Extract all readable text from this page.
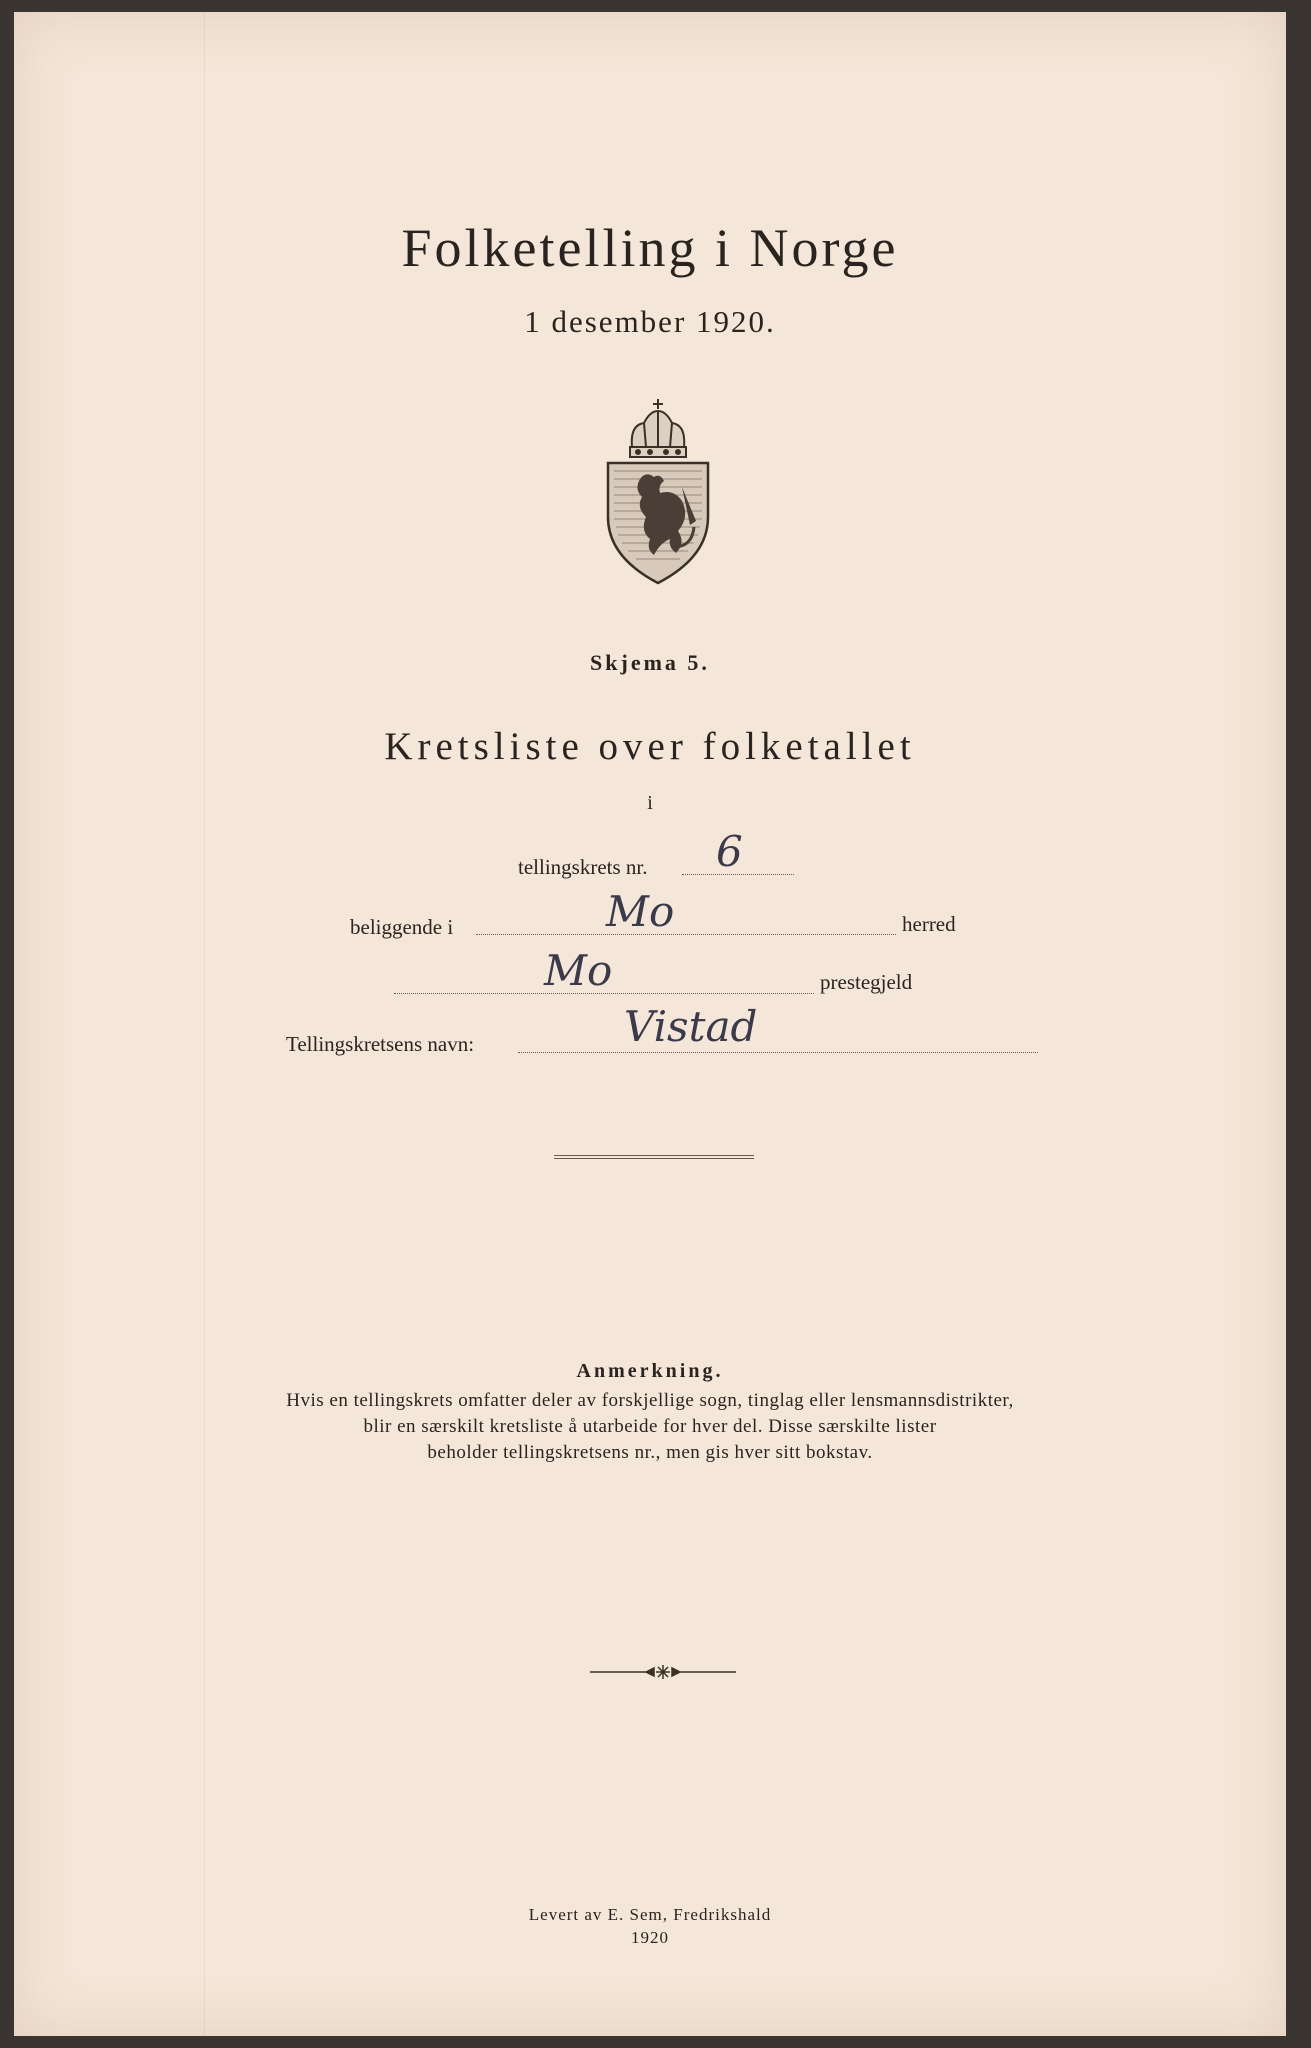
Folketelling i Norge
1 desember 1920.
Skjema 5.
Kretsliste over folketallet
i
tellingskrets nr. 6
beliggende i	Mo	herred
Mo	prestegjeld
Tellingskretsens navn:	Vistad
Anmerkning.
Hvis en tellingskrets omfatter deler av forskjellige sogn, tinglag eller lensmannsdistrikter,
blir en særskilt kretsliste å utarbeide for hver del. Disse særskilte lister
beholder tellingskretsens nr., men gis hver sitt bokstav.
Levert av E. Sem, Fredrikshald
1920
